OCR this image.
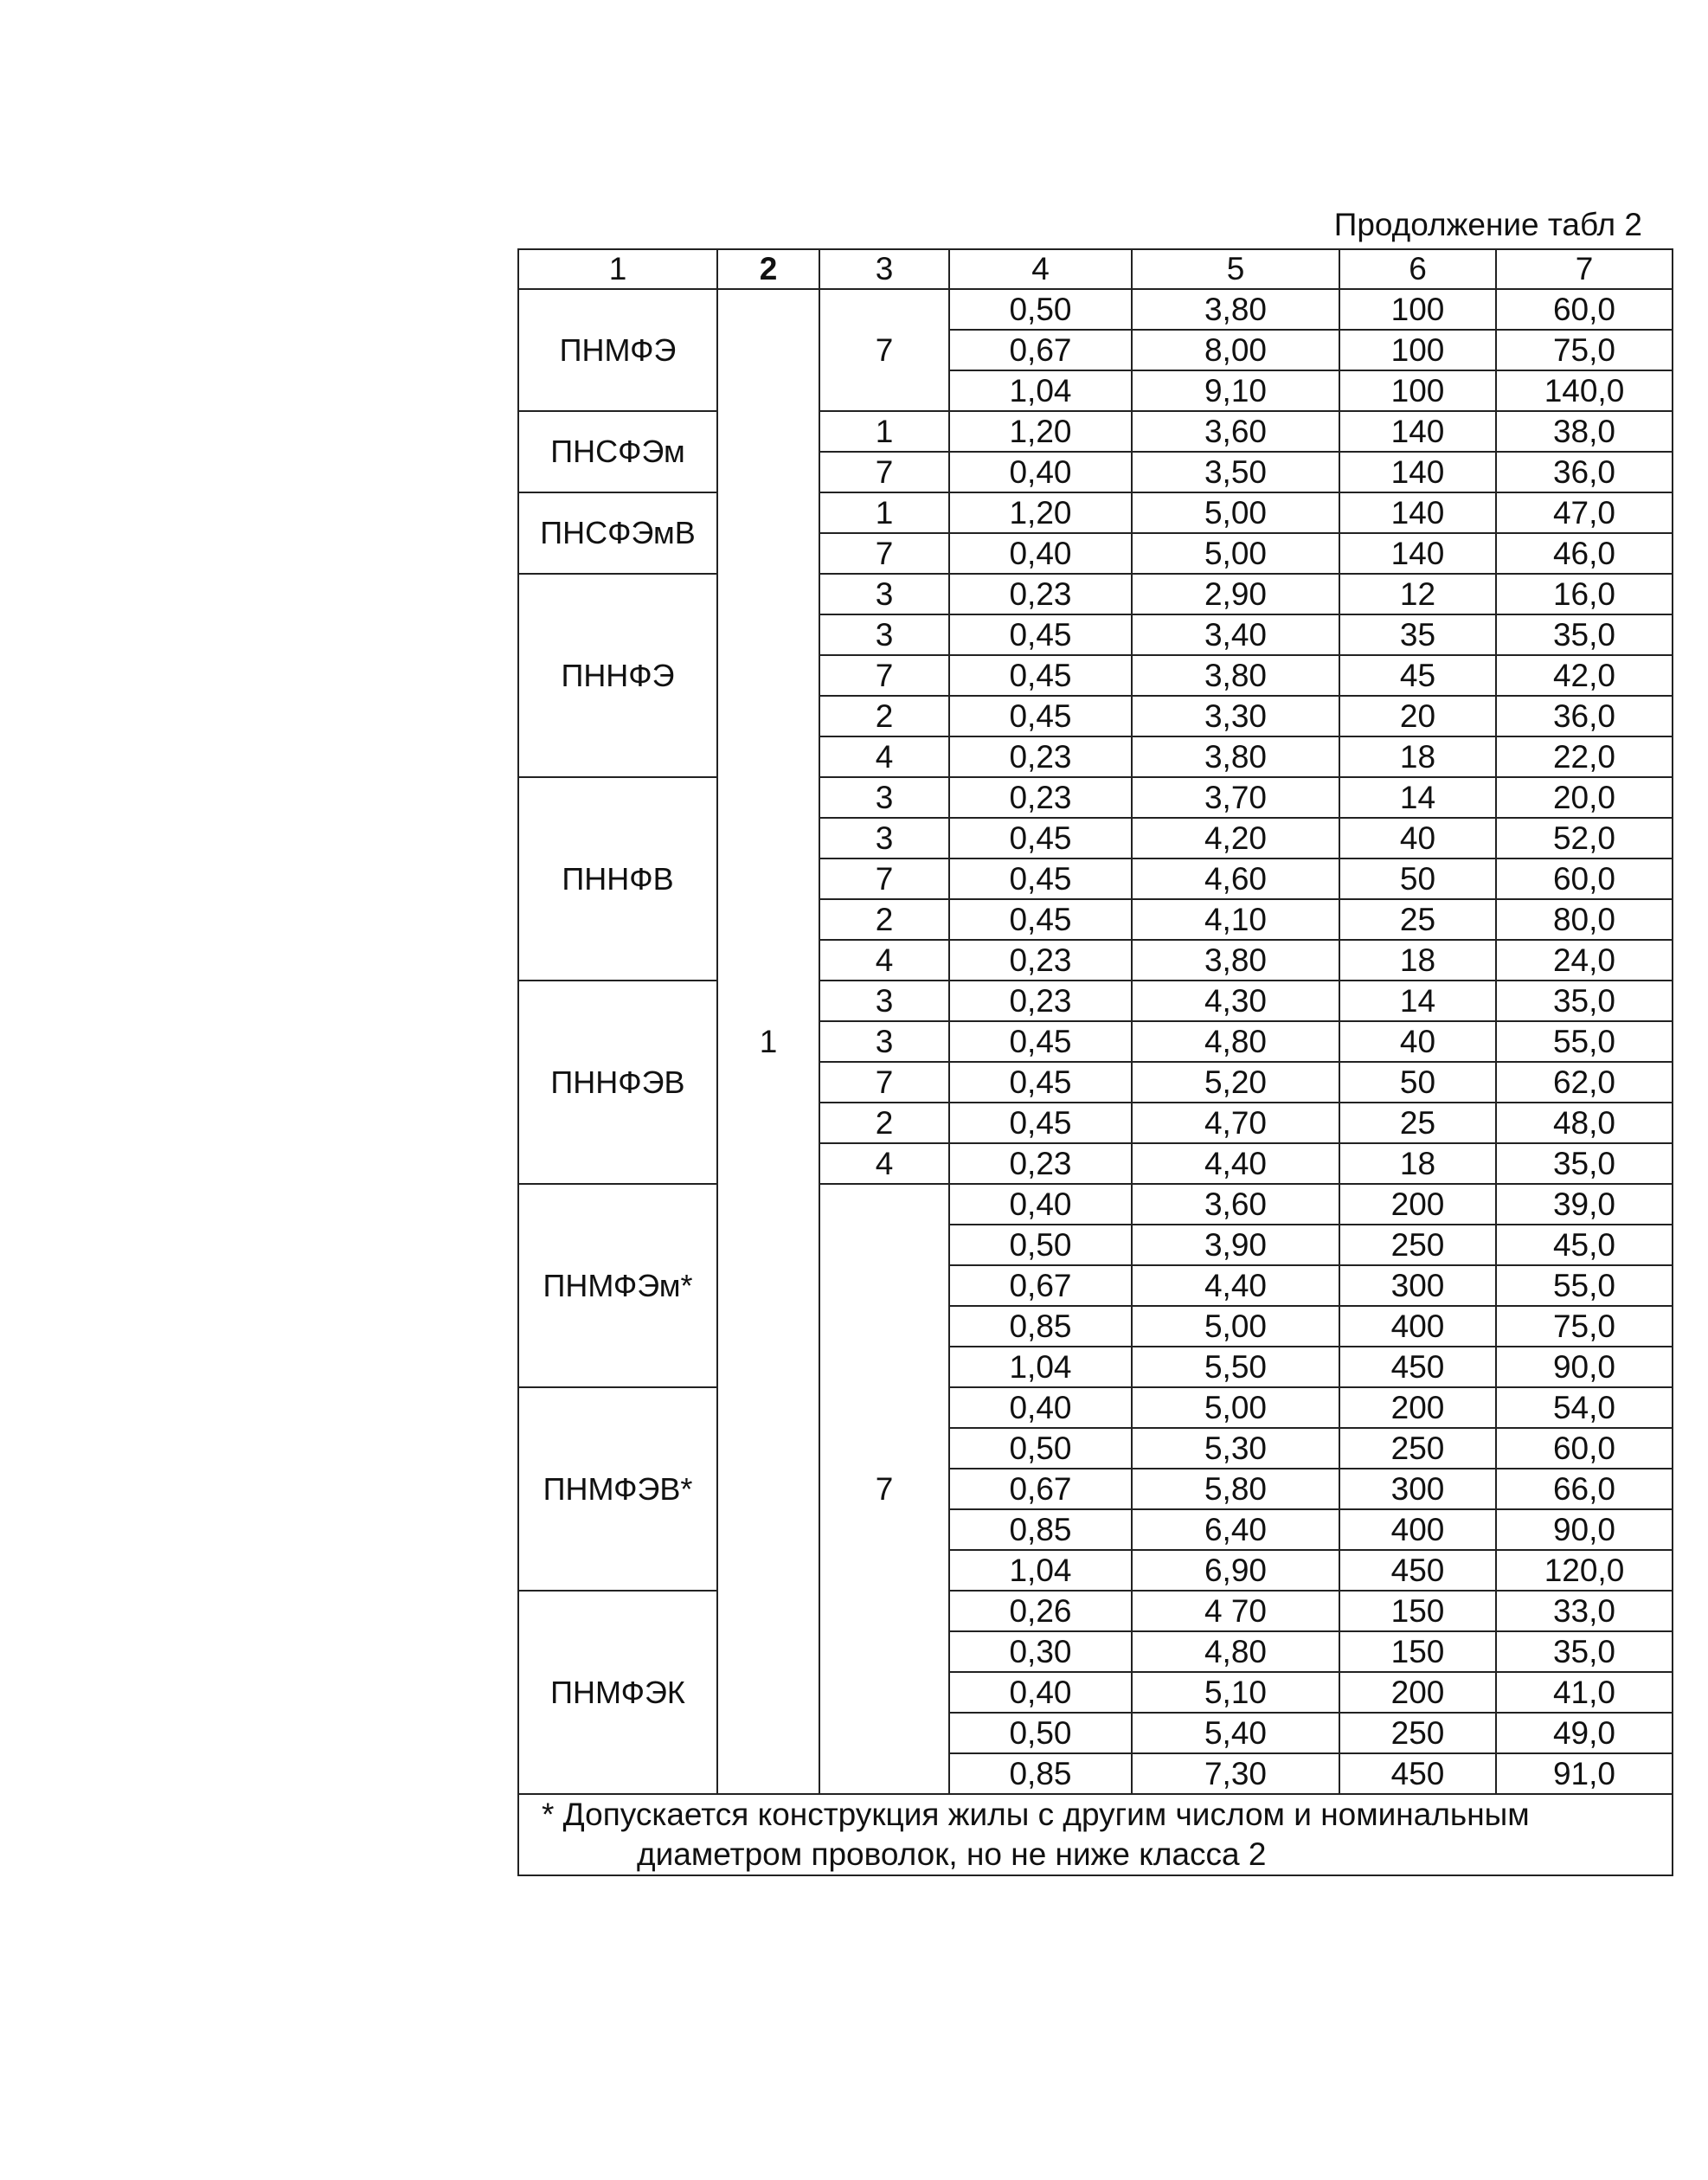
Продолжение табл 2
1	2	3	4	5	6	7
ПНМФЭ	1	7	0,50	3,80	100	60,0
			0,67	8,00	100	75,0
			1,04	9,10	100	140,0
ПНСФЭм		1	1,20	3,60	140	38,0
		7	0,40	3,50	140	36,0
ПНСФЭмВ		1	1,20	5,00	140	47,0
		7	0,40	5,00	140	46,0
ПННФЭ		3	0,23	2,90	12	16,0
		3	0,45	3,40	35	35,0
		7	0,45	3,80	45	42,0
		2	0,45	3,30	20	36,0
		4	0,23	3,80	18	22,0
ПННФВ		3	0,23	3,70	14	20,0
		3	0,45	4,20	40	52,0
		7	0,45	4,60	50	60,0
		2	0,45	4,10	25	80,0
		4	0,23	3,80	18	24,0
ПННФЭВ		3	0,23	4,30	14	35,0
		3	0,45	4,80	40	55,0
		7	0,45	5,20	50	62,0
		2	0,45	4,70	25	48,0
		4	0,23	4,40	18	35,0
ПНМФЭм*		7	0,40	3,60	200	39,0
			0,50	3,90	250	45,0
			0,67	4,40	300	55,0
			0,85	5,00	400	75,0
			1,04	5,50	450	90,0
ПНМФЭВ*			0,40	5,00	200	54,0
			0,50	5,30	250	60,0
			0,67	5,80	300	66,0
			0,85	6,40	400	90,0
			1,04	6,90	450	120,0
ПНМФЭК			0,26	4 70	150	33,0
			0,30	4,80	150	35,0
			0,40	5,10	200	41,0
			0,50	5,40	250	49,0
			0,85	7,30	450	91,0

* Допускается конструкция жилы с другим числом и номинальным
диаметром проволок, но не ниже класса 2						
